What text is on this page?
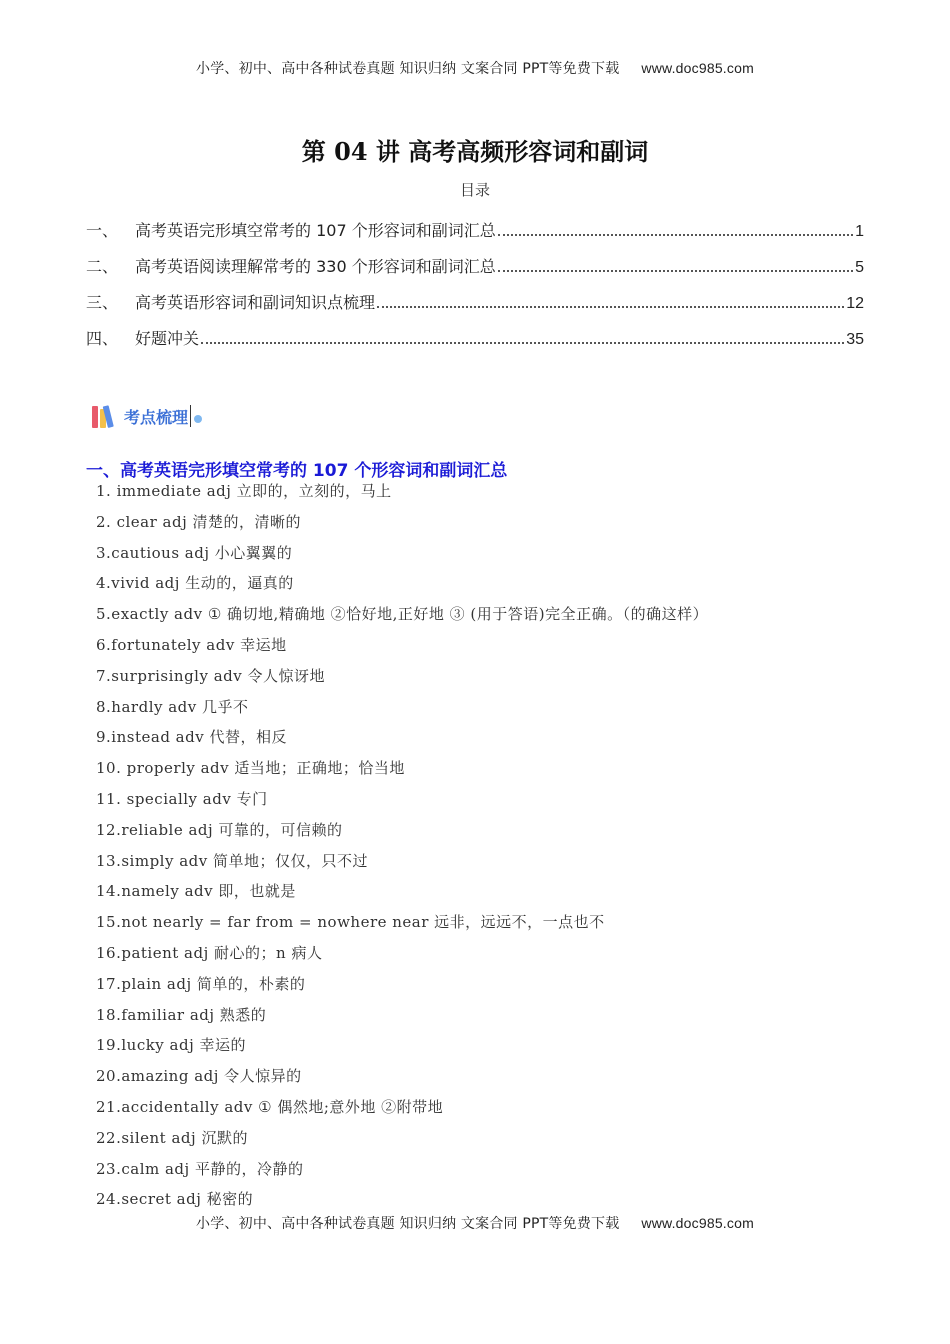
小学、初中、高中各种试卷真题 知识归纳 文案合同 PPT等免费下载 www.doc985.com
第 04 讲 高考高频形容词和副词
目录
一、	高考英语完形填空常考的 107 个形容词和副词汇总	1
二、	高考英语阅读理解常考的 330 个形容词和副词汇总	5
三、	高考英语形容词和副词知识点梳理	12
四、	好题冲关	35
考点梳理
一、高考英语完形填空常考的 107 个形容词和副词汇总
1. immediate adj 立即的，立刻的，马上
2. clear adj 清楚的，清晰的
3.cautious adj 小心翼翼的
4.vivid adj 生动的，逼真的
5.exactly adv ① 确切地,精确地 ②恰好地,正好地 ③ (用于答语)完全正确。（的确这样）
6.fortunately adv 幸运地
7.surprisingly adv 令人惊讶地
8.hardly adv 几乎不
9.instead adv 代替，相反
10. properly adv 适当地；正确地；恰当地
11. specially adv 专门
12.reliable adj 可靠的，可信赖的
13.simply adv 简单地；仅仅，只不过
14.namely adv 即，也就是
15.not nearly = far from = nowhere near 远非，远远不，一点也不
16.patient adj 耐心的；n 病人
17.plain adj 简单的，朴素的
18.familiar adj 熟悉的
19.lucky adj 幸运的
20.amazing adj 令人惊异的
21.accidentally adv ① 偶然地;意外地 ②附带地
22.silent adj 沉默的
23.calm adj 平静的，冷静的
24.secret adj 秘密的
小学、初中、高中各种试卷真题 知识归纳 文案合同 PPT等免费下载 www.doc985.com
